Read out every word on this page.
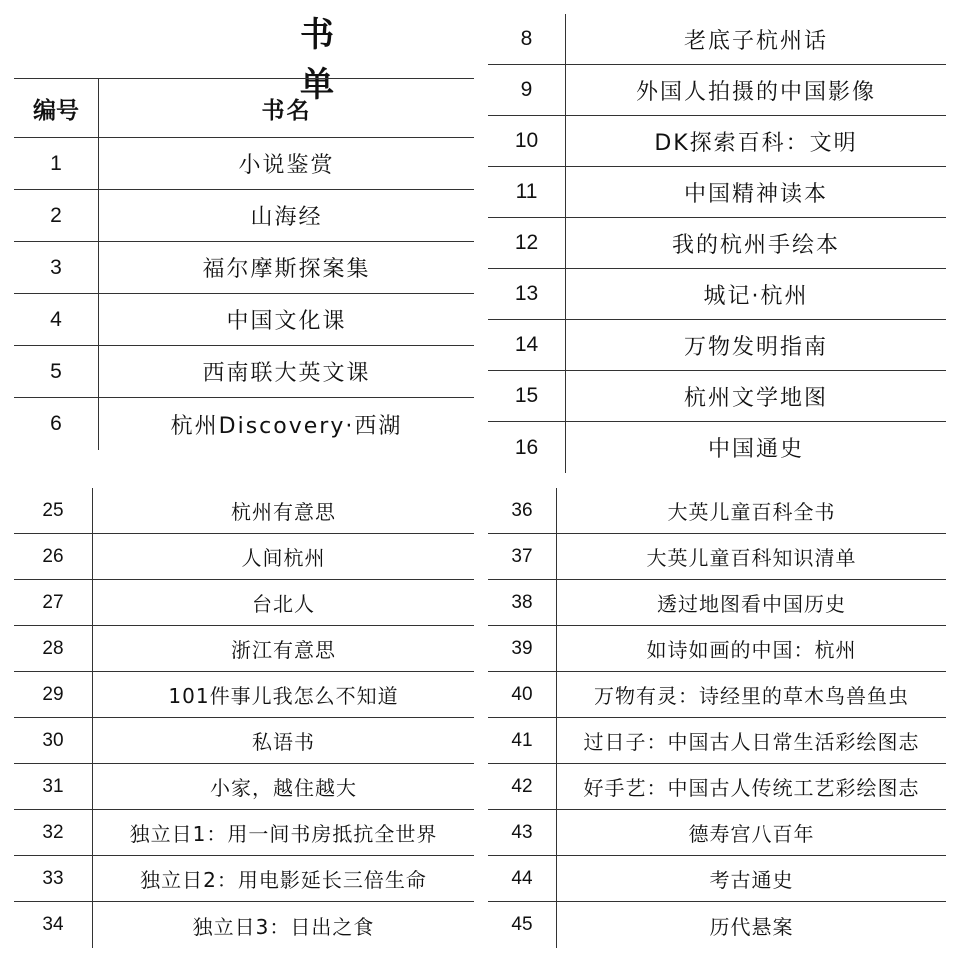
书 单
编号	书名
1	小说鉴赏
2	山海经
3	福尔摩斯探案集
4	中国文化课
5	西南联大英文课
6	杭州Discovery·西湖
8	老底子杭州话
9	外国人拍摄的中国影像
10	DK探索百科：文明
11	中国精神读本
12	我的杭州手绘本
13	城记·杭州
14	万物发明指南
15	杭州文学地图
16	中国通史
25	杭州有意思
26	人间杭州
27	台北人
28	浙江有意思
29	101件事儿我怎么不知道
30	私语书
31	小家，越住越大
32	独立日1：用一间书房抵抗全世界
33	独立日2：用电影延长三倍生命
34	独立日3：日出之食
36	大英儿童百科全书
37	大英儿童百科知识清单
38	透过地图看中国历史
39	如诗如画的中国：杭州
40	万物有灵：诗经里的草木鸟兽鱼虫
41	过日子：中国古人日常生活彩绘图志
42	好手艺：中国古人传统工艺彩绘图志
43	德寿宫八百年
44	考古通史
45	历代悬案
